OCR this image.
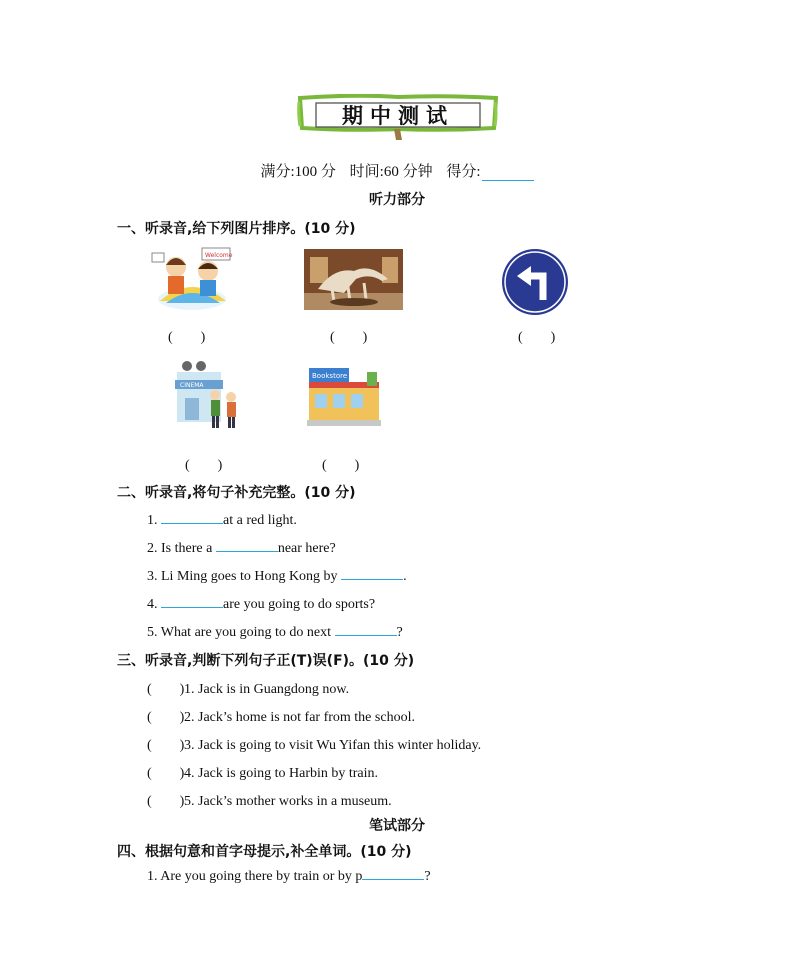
期中测试
满分:100 分 时间:60 分钟 得分:
听力部分
一、听录音,给下列图片排序。(10 分)
Welcome
(　　)	(　　)	(　　)
CINEMA
Bookstore
(　　)	(　　)
二、听录音,将句子补充完整。(10 分)
1.	at a red light.
2. Is there a	near here?
3. Li Ming goes to Hong Kong by	.
4.	are you going to do sports?
5. What are you going to do next	?
三、听录音,判断下列句子正(T)误(F)。(10 分)
(　　)1. Jack is in Guangdong now.
(　　)2. Jack’s home is not far from the school.
(　　)3. Jack is going to visit Wu Yifan this winter holiday.
(　　)4. Jack is going to Harbin by train.
(　　)5. Jack’s mother works in a museum.
笔试部分
四、根据句意和首字母提示,补全单词。(10 分)
1. Are you going there by train or by p	?
